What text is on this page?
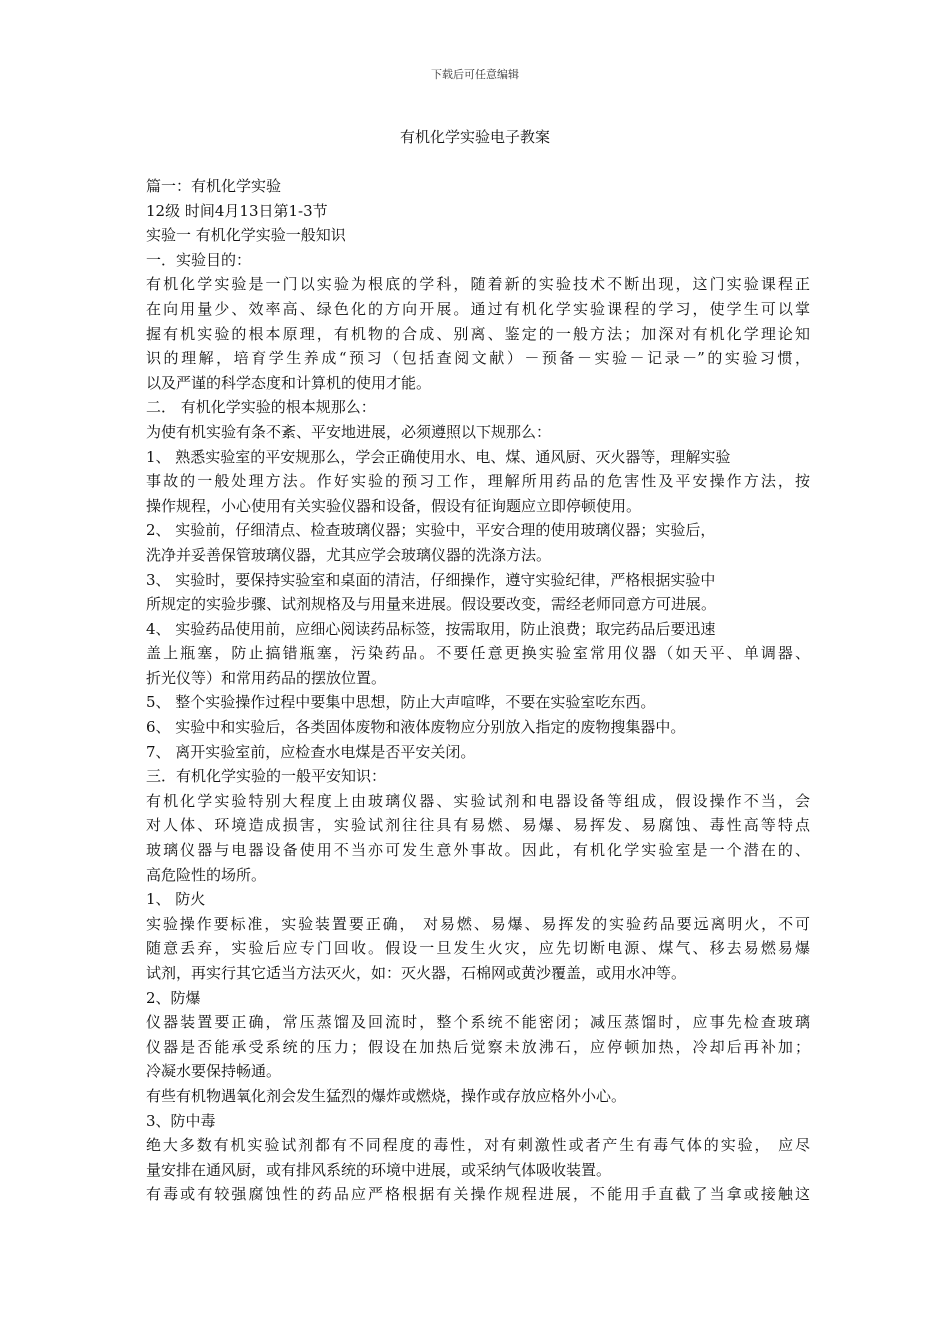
下载后可任意编辑
有机化学实验电子教案
篇一：有机化学实验
12级 时间4月13日第1-3节
实验一 有机化学实验一般知识
一．实验目的：
有机化学实验是一门以实验为根底的学科，随着新的实验技术不断出现，这门实验课程正
在向用量少、效率高、绿色化的方向开展。通过有机化学实验课程的学习，使学生可以掌
握有机实验的根本原理，有机物的合成、别离、鉴定的一般方法；加深对有机化学理论知
识的理解，培育学生养成“预习（包括查阅文献）－预备－实验－记录－”的实验习惯，
以及严谨的科学态度和计算机的使用才能。
二． 有机化学实验的根本规那么：
为使有机实验有条不紊、平安地进展，必须遵照以下规那么：
1、 熟悉实验室的平安规那么，学会正确使用水、电、煤、通风厨、灭火器等，理解实验
事故的一般处理方法。作好实验的预习工作，理解所用药品的危害性及平安操作方法，按
操作规程，小心使用有关实验仪器和设备，假设有征询题应立即停顿使用。
2、 实验前，仔细清点、检查玻璃仪器；实验中，平安合理的使用玻璃仪器；实验后，
洗净并妥善保管玻璃仪器，尤其应学会玻璃仪器的洗涤方法。
3、 实验时，要保持实验室和桌面的清洁，仔细操作，遵守实验纪律，严格根据实验中
所规定的实验步骤、试剂规格及与用量来进展。假设要改变，需经老师同意方可进展。
4、 实验药品使用前，应细心阅读药品标签，按需取用，防止浪费；取完药品后要迅速
盖上瓶塞，防止搞错瓶塞，污染药品。不要任意更换实验室常用仪器（如天平、单调器、
折光仪等）和常用药品的摆放位置。
5、 整个实验操作过程中要集中思想，防止大声喧哗，不要在实验室吃东西。
6、 实验中和实验后，各类固体废物和液体废物应分别放入指定的废物搜集器中。
7、 离开实验室前，应检查水电煤是否平安关闭。
三．有机化学实验的一般平安知识：
有机化学实验特别大程度上由玻璃仪器、实验试剂和电器设备等组成，假设操作不当，会
对人体、环境造成损害，实验试剂往往具有易燃、易爆、易挥发、易腐蚀、毒性高等特点
玻璃仪器与电器设备使用不当亦可发生意外事故。因此，有机化学实验室是一个潜在的、
高危险性的场所。
1、 防火
实验操作要标准，实验装置要正确， 对易燃、易爆、易挥发的实验药品要远离明火，不可
随意丢弃，实验后应专门回收。假设一旦发生火灾，应先切断电源、煤气、移去易燃易爆
试剂，再实行其它适当方法灭火，如：灭火器，石棉网或黄沙覆盖，或用水冲等。
2、防爆
仪器装置要正确，常压蒸馏及回流时，整个系统不能密闭；减压蒸馏时，应事先检查玻璃
仪器是否能承受系统的压力；假设在加热后觉察未放沸石，应停顿加热，冷却后再补加；
冷凝水要保持畅通。
有些有机物遇氧化剂会发生猛烈的爆炸或燃烧，操作或存放应格外小心。
3、防中毒
绝大多数有机实验试剂都有不同程度的毒性，对有刺激性或者产生有毒气体的实验， 应尽
量安排在通风厨，或有排风系统的环境中进展，或采纳气体吸收装置。
有毒或有较强腐蚀性的药品应严格根据有关操作规程进展，不能用手直截了当拿或接触这
